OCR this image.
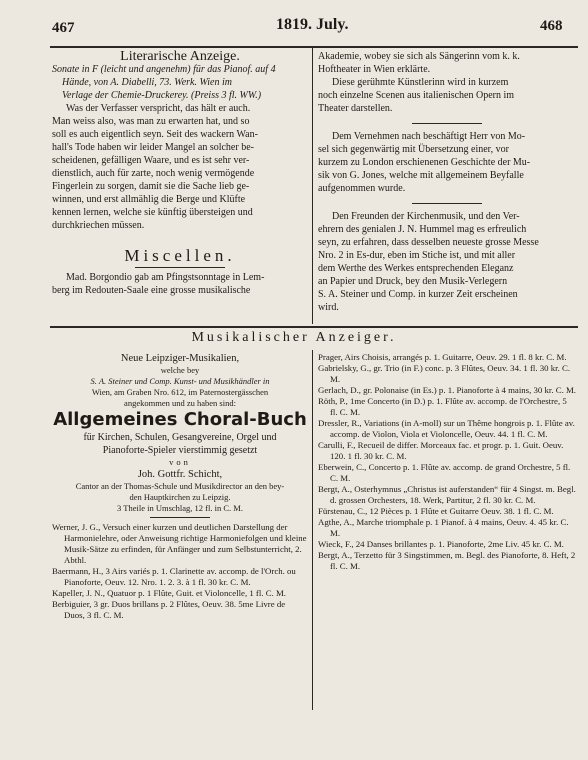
467	1819. July.	468

Literarische Anzeige.

Sonate in F (leicht und angenehm) für das Pianof. auf 4

Hände, von A. Diabelli, 73. Werk. Wien im

Verlage der Chemie-Druckerey. (Preiss 3 fl. WW.)

Was der Verfasser verspricht, das hält er auch.

Man weiss also, was man zu erwarten hat, und so

soll es auch eigentlich seyn. Seit des wackern Wan-

hall's Tode haben wir leider Mangel an solcher be-

scheidenen, gefälligen Waare, und es ist sehr ver-

dienstlich, auch für zarte, noch wenig vermögende

Fingerlein zu sorgen, damit sie die Sache lieb ge-

winnen, und erst allmählig die Berge und Klüfte

kennen lernen, welche sie künftig übersteigen und

durchkriechen müssen.

Miscellen.

Mad. Borgondio gab am Pfingstsonntage in Lem-

berg im Redouten-Saale eine grosse musikalische

Akademie, wobey sie sich als Sängerinn vom k. k.

Hoftheater in Wien erklärte.

Diese gerühmte Künstlerinn wird in kurzem

noch einzelne Scenen aus italienischen Opern im

Theater darstellen.

Dem Vernehmen nach beschäftigt Herr von Mo-

sel sich gegenwärtig mit Übersetzung einer, vor

kurzem zu London erschienenen Geschichte der Mu-

sik von G. Jones, welche mit allgemeinem Beyfalle

aufgenommen wurde.

Den Freunden der Kirchenmusik, und den Ver-

ehrern des genialen J. N. Hummel mag es erfreulich

seyn, zu erfahren, dass desselben neueste grosse Messe

Nro. 2 in Es-dur, eben im Stiche ist, und mit aller

dem Werthe des Werkes entsprechenden Eleganz

an Papier und Druck, bey den Musik-Verlegern

S. A. Steiner und Comp. in kurzer Zeit erscheinen

wird.

Musikalischer Anzeiger.

Neue Leipziger-Musikalien,

welche bey

S. A. Steiner und Comp. Kunst- und Musikhändler in

Wien, am Graben Nro. 612, im Paternostergässchen

angekommen und zu haben sind:

Allgemeines Choral-Buch

für Kirchen, Schulen, Gesangvereine, Orgel und

Pianoforte-Spieler vierstimmig gesetzt

von

Joh. Gottfr. Schicht,

Cantor an der Thomas-Schule und Musikdirector an den bey-

den Hauptkirchen zu Leipzig.

3 Theile in Umschlag, 12 fl. in C. M.

Werner, J. G., Versuch einer kurzen und deutlichen Darstellung der Harmonielehre, oder Anweisung richtige Harmoniefolgen und kleine Musik-Sätze zu erfinden, für Anfänger und zum Selbstunterricht, 2. Abthl.

Baermann, H., 3 Airs variés p. 1. Clarinette av. accomp. de l'Orch. ou Pianoforte, Oeuv. 12. Nro. 1. 2. 3. à 1 fl. 30 kr. C. M.

Kapeller, J. N., Quatuor p. 1 Flûte, Guit. et Violoncelle, 1 fl. C. M.

Berbiguier, 3 gr. Duos brillans p. 2 Flûtes, Oeuv. 38. 5me Livre de Duos, 3 fl. C. M.

Prager, Airs Choisis, arrangés p. 1. Guitarre, Oeuv. 29. 1 fl. 8 kr. C. M.

Gabrielsky, G., gr. Trio (in F.) conc. p. 3 Flûtes, Oeuv. 34. 1 fl. 30 kr. C. M.

Gerlach, D., gr. Polonaise (in Es.) p. 1. Pianoforte à 4 mains, 30 kr. C. M.

Röth, P., 1me Concerto (in D.) p. 1. Flûte av. accomp. de l'Orchestre, 5 fl. C. M.

Dressler, R., Variations (in A-moll) sur un Thême hongrois p. 1. Flûte av. accomp. de Violon, Viola et Violoncelle, Oeuv. 44. 1 fl. C. M.

Carulli, F., Recueil de differ. Morceaux fac. et progr. p. 1. Guit. Oeuv. 120. 1 fl. 30 kr. C. M.

Eberwein, C., Concerto p. 1. Flûte av. accomp. de grand Orchestre, 5 fl. C. M.

Bergt, A., Osterhymnus „Christus ist auferstanden“ für 4 Singst. m. Begl. d. grossen Orchesters, 18. Werk, Partitur, 2 fl. 30 kr. C. M.

Fürstenau, C., 12 Pièces p. 1 Flûte et Guitarre Oeuv. 38. 1 fl. C. M.

Agthe, A., Marche triomphale p. 1 Pianof. à 4 mains, Oeuv. 4. 45 kr. C. M.

Wieck, F., 24 Danses brillantes p. 1. Pianoforte, 2me Liv. 45 kr. C. M.

Bergt, A., Terzetto für 3 Singstimmen, m. Begl. des Pianoforte, 8. Heft, 2 fl. C. M.
